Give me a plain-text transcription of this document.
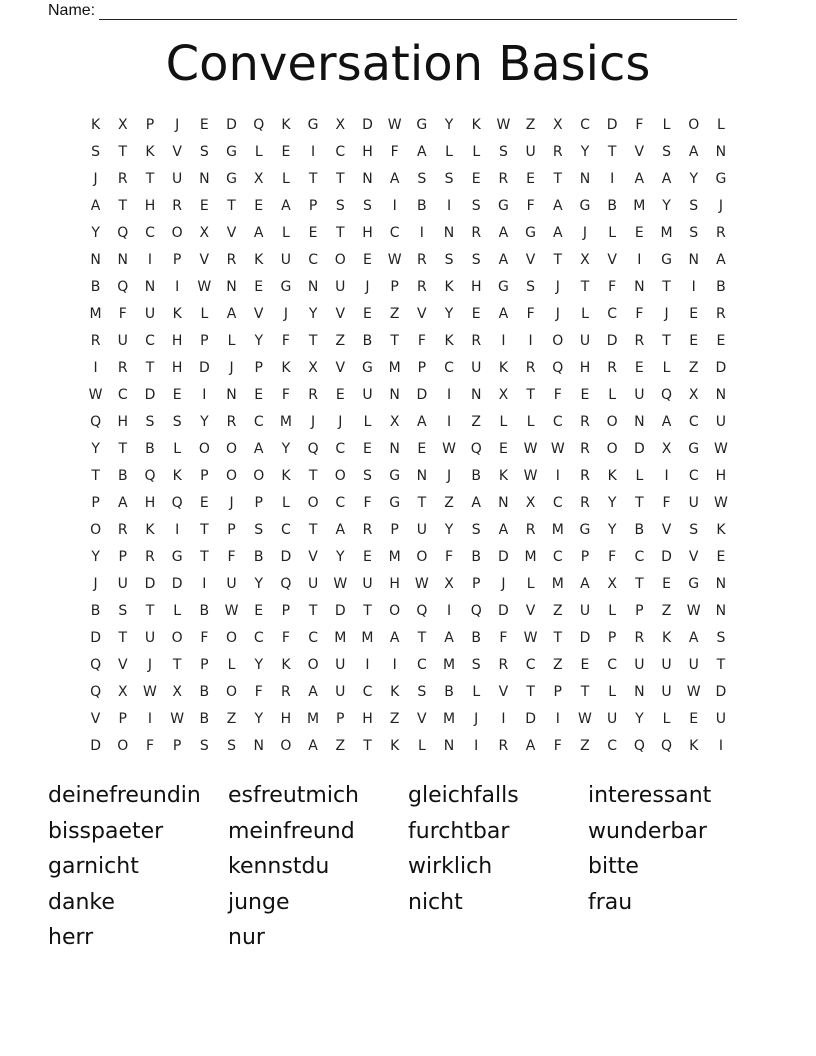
Name:
Conversation Basics
K	X	P	J	E	D	Q	K	G	X	D	W	G	Y	K	W	Z	X	C	D	F	L	O	L
S	T	K	V	S	G	L	E	I	C	H	F	A	L	L	S	U	R	Y	T	V	S	A	N
J	R	T	U	N	G	X	L	T	T	N	A	S	S	E	R	E	T	N	I	A	A	Y	G
A	T	H	R	E	T	E	A	P	S	S	I	B	I	S	G	F	A	G	B	M	Y	S	J
Y	Q	C	O	X	V	A	L	E	T	H	C	I	N	R	A	G	A	J	L	E	M	S	R
N	N	I	P	V	R	K	U	C	O	E	W	R	S	S	A	V	T	X	V	I	G	N	A
B	Q	N	I	W	N	E	G	N	U	J	P	R	K	H	G	S	J	T	F	N	T	I	B
M	F	U	K	L	A	V	J	Y	V	E	Z	V	Y	E	A	F	J	L	C	F	J	E	R
R	U	C	H	P	L	Y	F	T	Z	B	T	F	K	R	I	I	O	U	D	R	T	E	E
I	R	T	H	D	J	P	K	X	V	G	M	P	C	U	K	R	Q	H	R	E	L	Z	D
W	C	D	E	I	N	E	F	R	E	U	N	D	I	N	X	T	F	E	L	U	Q	X	N
Q	H	S	S	Y	R	C	M	J	J	L	X	A	I	Z	L	L	C	R	O	N	A	C	U
Y	T	B	L	O	O	A	Y	Q	C	E	N	E	W	Q	E	W W	R	O	D	X	G	W
T	B	Q	K	P	O	O	K	T	O	S	G	N	J	B	K	W	I	R	K	L	I	C	H
P	A	H	Q	E	J	P	L	O	C	F	G	T	Z	A	N	X	C	R	Y	T	F	U	W
O	R	K	I	T	P	S	C	T	A	R	P	U	Y	S	A	R	M	G	Y	B	V	S	K
Y	P	R	G	T	F	B	D	V	Y	E	M	O	F	B	D	M	C	P	F	C	D	V	E
J	U	D	D	I	U	Y	Q	U	W	U	H	W	X	P	J	L	M	A	X	T	E	G	N
B	S	T	L	B	W	E	P	T	D	T	O	Q	I	Q	D	V	Z	U	L	P	Z	W	N
D	T	U	O	F	O	C	F	C	M	M	A	T	A	B	F	W	T	D	P	R	K	A	S
Q	V	J	T	P	L	Y	K	O	U	I	I	C	M	S	R	C	Z	E	C	U	U	U	T
Q	X	W	X	B	O	F	R	A	U	C	K	S	B	L	V	T	P	T	L	N	U	W	D
V	P	I	W	B	Z	Y	H	M	P	H	Z	V	M	J	I	D	I	W	U	Y	L	E	U
D	O	F	P	S	S	N	O	A	Z	T	K	L	N	I	R	A	F	Z	C	Q	Q	K	I
deinefreundin	esfreutmich	gleichfalls	interessant
bisspaeter	meinfreund	furchtbar	wunderbar
garnicht	kennstdu	wirklich	bitte
danke	junge	nicht	frau
herr	nur
